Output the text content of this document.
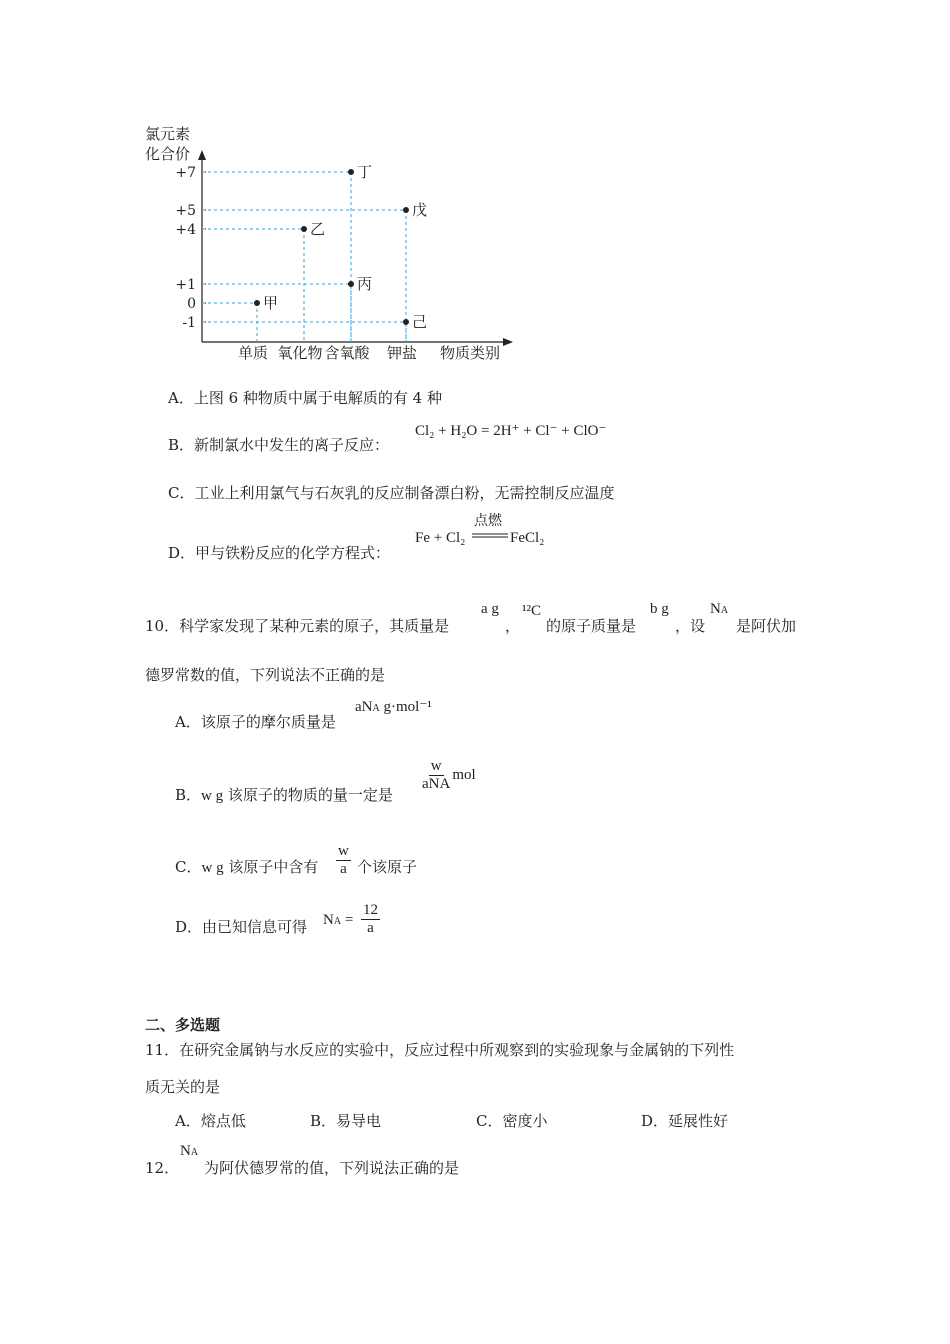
氯元素
化合价
+7
+5
+4
+1
0
-1
甲
乙
丙
丁
戊
己
单质 氧化物 含氧酸 钾盐 物质类别
A．上图 6 种物质中属于电解质的有 4 种
B．新制氯水中发生的离子反应：
Cl₂ + H₂O = 2H⁺ + Cl⁻ + ClO⁻
C．工业上利用氯气与石灰乳的反应制备漂白粉，无需控制反应温度
D．甲与铁粉反应的化学方程式：
Fe + Cl₂
点燃
FeCl₂
10．科学家发现了某种元素的原子，其质量是
a g
，
¹²C
的原子质量是
b g
，设
NA
是阿伏加
德罗常数的值，下列说法不正确的是
A．该原子的摩尔质量是
aNA g·mol⁻¹
B．w g 该原子的物质的量一定是
$\frac{w}{\text{aNA}}$ mol
C．w g 该原子中含有 $\frac{w}{a}$ 个该原子
D．由已知信息可得 NA = $\frac{12}{a}$
二、多选题
11．在研究金属钠与水反应的实验中，反应过程中所观察到的实验现象与金属钠的下列性
质无关的是
A．熔点低	B．易导电	C．密度小	D．延展性好
12．
NA
为阿伏德罗常的值，下列说法正确的是
